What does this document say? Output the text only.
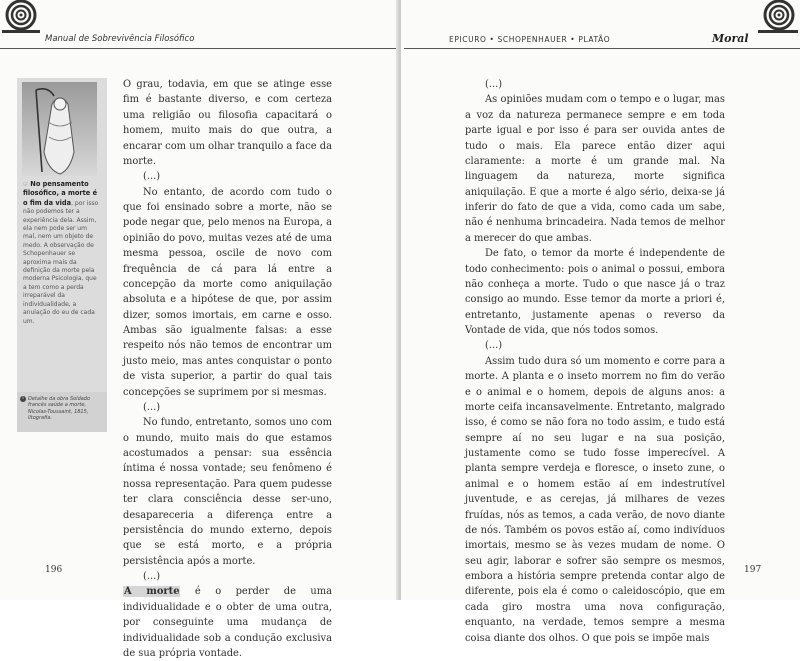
Manual de Sobrevivência Filosófico
☞ No pensamento filosófico, a morte é o fim da vida, por isso não podemos ter a experiência dela. Assim, ela nem pode ser um mal, nem um objeto de medo. A observação de Schopenhauer se aproxima mais da definição da morte pela moderna Psicologia, que a tem como a perda irreparável da individualidade, a anulação do eu de cada um.
i Detalhe da obra Soldado francês saúde a morte, Nicolas-Toussaint, 1815, litografia.

O grau, todavia, em que se atinge esse fim é bastante diverso, e com certeza uma religião ou filosofia capacitará o homem, muito mais do que outra, a encarar com um olhar tranquilo a face da morte.

(...)

No entanto, de acordo com tudo o que foi ensinado sobre a morte, não se pode negar que, pelo menos na Europa, a opinião do povo, muitas vezes até de uma mesma pessoa, oscile de novo com frequência de cá para lá entre a concepção da morte como aniquilação absoluta e a hipótese de que, por assim dizer, somos imortais, em carne e osso. Ambas são igualmente falsas: a esse respeito nós não temos de encontrar um justo meio, mas antes conquistar o ponto de vista superior, a partir do qual tais concepções se suprimem por si mesmas.

(...)

No fundo, entretanto, somos uno com o mundo, muito mais do que estamos acostumados a pensar: sua essência íntima é nossa vontade; seu fenômeno é nossa representação. Para quem pudesse ter clara consciência desse ser-uno, desapareceria a diferença entre a persistência do mundo externo, depois que se está morto, e a própria persistência após a morte.

(...)

A morte é o perder de uma individualidade e o obter de uma outra, por conseguinte uma mudança de individualidade sob a condução exclusiva de sua própria vontade.

196
EPICURO • SCHOPENHAUER • PLATÃO	Moral

(...)

As opiniões mudam com o tempo e o lugar, mas a voz da natureza permanece sempre e em toda parte igual e por isso é para ser ouvida antes de tudo o mais. Ela parece então dizer aqui claramente: a morte é um grande mal. Na linguagem da natureza, morte significa aniquilação. E que a morte é algo sério, deixa-se já inferir do fato de que a vida, como cada um sabe, não é nenhuma brincadeira. Nada temos de melhor a merecer do que ambas.

De fato, o temor da morte é independente de todo conhecimento: pois o animal o possui, embora não conheça a morte. Tudo o que nasce já o traz consigo ao mundo. Esse temor da morte a priori é, entretanto, justamente apenas o reverso da Vontade de vida, que nós todos somos.

(...)

Assim tudo dura só um momento e corre para a morte. A planta e o inseto morrem no fim do verão e o animal e o homem, depois de alguns anos: a morte ceifa incansavelmente. Entretanto, malgrado isso, é como se não fora no todo assim, e tudo está sempre aí no seu lugar e na sua posição, justamente como se tudo fosse imperecível. A planta sempre verdeja e floresce, o inseto zune, o animal e o homem estão aí em indestrutível juventude, e as cerejas, já milhares de vezes fruídas, nós as temos, a cada verão, de novo diante de nós. Também os povos estão aí, como indivíduos imortais, mesmo se às vezes mudam de nome. O seu agir, laborar e sofrer são sempre os mesmos, embora a história sempre pretenda contar algo de diferente, pois ela é como o caleidoscópio, que em cada giro mostra uma nova configuração, enquanto, na verdade, temos sempre a mesma coisa diante dos olhos. O que pois se impõe mais

197
